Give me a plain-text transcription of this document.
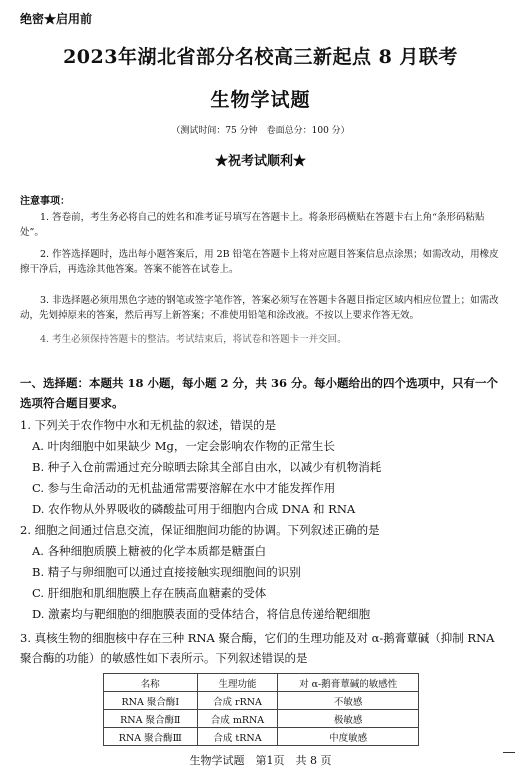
绝密★启用前
2023年湖北省部分名校高三新起点 8 月联考
生物学试题
（测试时间：75 分钟　卷面总分：100 分）
★祝考试顺利★
注意事项：
1. 答卷前，考生务必将自己的姓名和准考证号填写在答题卡上。将条形码横贴在答题卡右上角“条形码粘贴处”。
2. 作答选择题时，选出每小题答案后，用 2B 铅笔在答题卡上将对应题目答案信息点涂黑；如需改动，用橡皮擦干净后，再选涂其他答案。答案不能答在试卷上。
3. 非选择题必须用黑色字迹的钢笔或签字笔作答，答案必须写在答题卡各题目指定区域内相应位置上；如需改动，先划掉原来的答案，然后再写上新答案；不准使用铅笔和涂改液。不按以上要求作答无效。
4. 考生必须保持答题卡的整洁。考试结束后，将试卷和答题卡一并交回。
一、选择题：本题共 18 小题，每小题 2 分，共 36 分。每小题给出的四个选项中，只有一个选项符合题目要求。
1. 下列关于农作物中水和无机盐的叙述，错误的是
A. 叶肉细胞中如果缺少 Mg，一定会影响农作物的正常生长
B. 种子入仓前需通过充分晾晒去除其全部自由水，以减少有机物消耗
C. 参与生命活动的无机盐通常需要溶解在水中才能发挥作用
D. 农作物从外界吸收的磷酸盐可用于细胞内合成 DNA 和 RNA
2. 细胞之间通过信息交流，保证细胞间功能的协调。下列叙述正确的是
A. 各种细胞质膜上糖被的化学本质都是糖蛋白
B. 精子与卵细胞可以通过直接接触实现细胞间的识别
C. 肝细胞和肌细胞膜上存在胰高血糖素的受体
D. 激素均与靶细胞的细胞膜表面的受体结合，将信息传递给靶细胞
3. 真核生物的细胞核中存在三种 RNA 聚合酶，它们的生理功能及对 α-鹅膏蕈碱（抑制 RNA 聚合酶的功能）的敏感性如下表所示。下列叙述错误的是
名称	生理功能	对 α-鹅膏蕈碱的敏感性
RNA 聚合酶Ⅰ	合成 rRNA	不敏感
RNA 聚合酶Ⅱ	合成 mRNA	极敏感
RNA 聚合酶Ⅲ	合成 tRNA	中度敏感
生物学试题　第1页　共 8 页
